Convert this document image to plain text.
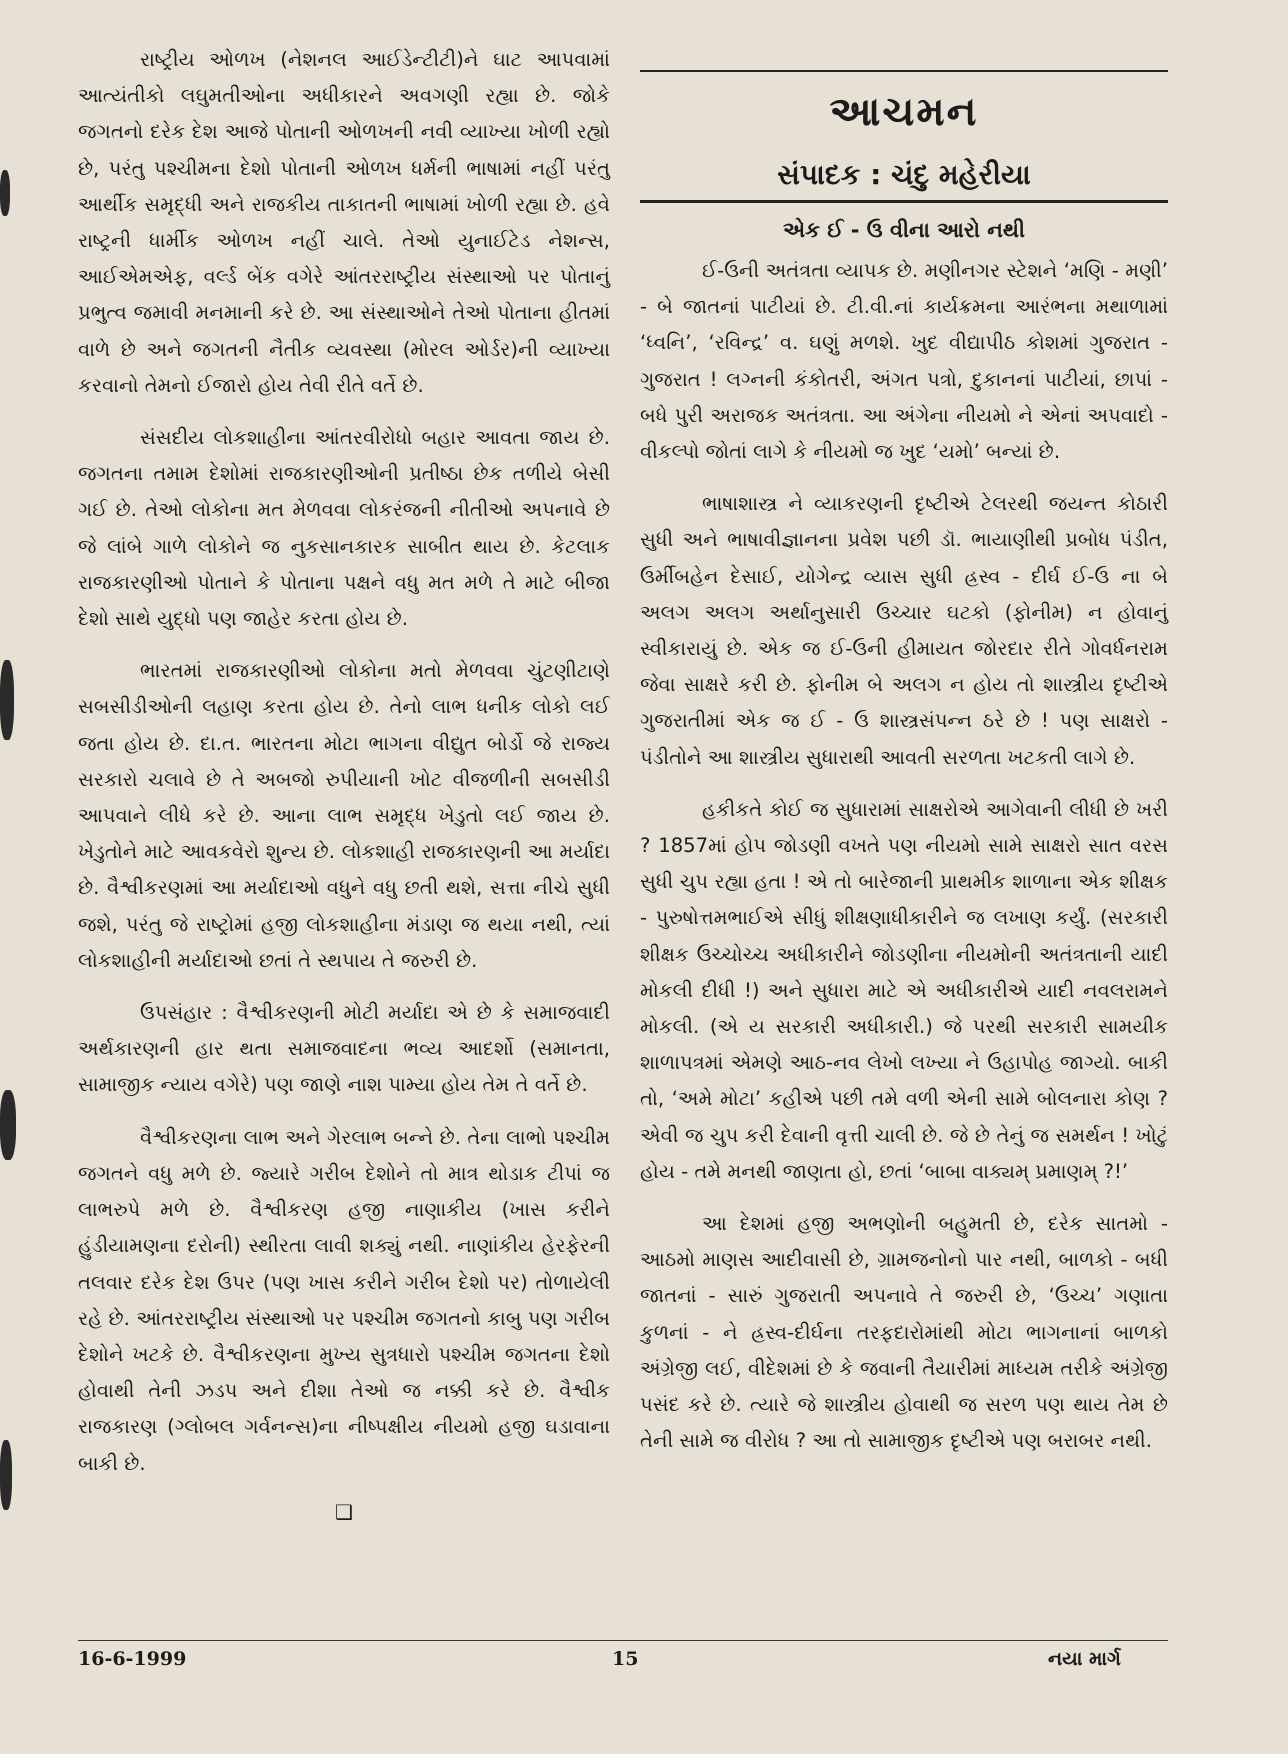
રાષ્ટ્રીય ઓળખ (નેશનલ આઈડેન્ટીટી)ને ઘાટ આપવામાં આત્યંતીકો લઘુમતીઓના અધીકારને અવગણી રહ્યા છે. જોકે જગતનો દરેક દેશ આજે પોતાની ઓળખની નવી વ્યાખ્યા ખોળી રહ્યો છે, પરંતુ પશ્ચીમના દેશો પોતાની ઓળખ ધર્મની ભાષામાં નહીં પરંતુ આર્થીક સમૃદ્ધી અને રાજકીય તાકાતની ભાષામાં ખોળી રહ્યા છે. હવે રાષ્ટ્રની ધાર્મીક ઓળખ નહીં ચાલે. તેઓ યુનાઈટેડ નેશન્સ, આઈએમએફ, વર્લ્ડ બેંક વગેરે આંતરરાષ્ટ્રીય સંસ્થાઓ પર પોતાનું પ્રભુત્વ જમાવી મનમાની કરે છે. આ સંસ્થાઓને તેઓ પોતાના હીતમાં વાળે છે અને જગતની નૈતીક વ્યવસ્થા (મોરલ ઓર્ડર)ની વ્યાખ્યા કરવાનો તેમનો ઈજારો હોય તેવી રીતે વર્તે છે.

સંસદીય લોકશાહીના આંતરવીરોધો બહાર આવતા જાય છે. જગતના તમામ દેશોમાં રાજકારણીઓની પ્રતીષ્ઠા છેક તળીયે બેસી ગઈ છે. તેઓ લોકોના મત મેળવવા લોકરંજની નીતીઓ અપનાવે છે જે લાંબે ગાળે લોકોને જ નુકસાનકારક સાબીત થાય છે. કેટલાક રાજકારણીઓ પોતાને કે પોતાના પક્ષને વધુ મત મળે તે માટે બીજા દેશો સાથે યુદ્ધો પણ જાહેર કરતા હોય છે.

ભારતમાં રાજકારણીઓ લોકોના મતો મેળવવા ચુંટણીટાણે સબસીડીઓની લહાણ કરતા હોય છે. તેનો લાભ ધનીક લોકો લઈ જતા હોય છે. દા.ત. ભારતના મોટા ભાગના વીદ્યુત બોર્ડો જે રાજ્ય સરકારો ચલાવે છે તે અબજો રુપીયાની ખોટ વીજળીની સબસીડી આપવાને લીધે કરે છે. આના લાભ સમૃદ્ધ ખેડુતો લઈ જાય છે. ખેડુતોને માટે આવકવેરો શુન્ય છે. લોકશાહી રાજકારણની આ મર્યાદા છે. વૈશ્વીકરણમાં આ મર્યાદાઓ વધુને વધુ છતી થશે, સત્તા નીચે સુધી જશે, પરંતુ જે રાષ્ટ્રોમાં હજી લોકશાહીના મંડાણ જ થયા નથી, ત્યાં લોકશાહીની મર્યાદાઓ છતાં તે સ્થપાય તે જરુરી છે.

ઉપસંહાર : વૈશ્વીકરણની મોટી મર્યાદા એ છે કે સમાજવાદી અર્થકારણની હાર થતા સમાજવાદના ભવ્ય આદર્શો (સમાનતા, સામાજીક ન્યાય વગેરે) પણ જાણે નાશ પામ્યા હોય તેમ તે વર્તે છે.

વૈશ્વીકરણના લાભ અને ગેરલાભ બન્ને છે. તેના લાભો પશ્ચીમ જગતને વધુ મળે છે. જ્યારે ગરીબ દેશોને તો માત્ર થોડાક ટીપાં જ લાભરુપે મળે છે. વૈશ્વીકરણ હજી નાણાકીય (ખાસ કરીને હુંડીયામણના દરોની) સ્થીરતા લાવી શક્યું નથી. નાણાંકીય હેરફેરની તલવાર દરેક દેશ ઉપર (પણ ખાસ કરીને ગરીબ દેશો પર) તોળાયેલી રહે છે. આંતરરાષ્ટ્રીય સંસ્થાઓ પર પશ્ચીમ જગતનો કાબુ પણ ગરીબ દેશોને ખટકે છે. વૈશ્વીકરણના મુખ્ય સુત્રધારો પશ્ચીમ જગતના દેશો હોવાથી તેની ઝડપ અને દીશા તેઓ જ નક્કી કરે છે. વૈશ્વીક રાજકારણ (ગ્લોબલ ગર્વનન્સ)ના નીષ્પક્ષીય નીયમો હજી ઘડાવાના બાકી છે.

❑
આચમન
સંપાદક : ચંદુ મહેરીયા
એક ઈ - ઉ વીના આરો નથી

ઈ-ઉની અતંત્રતા વ્યાપક છે. મણીનગર સ્ટેશને ‘મણિ - મણી’ - બે જાતનાં પાટીયાં છે. ટી.વી.નાં કાર્યક્રમના આરંભના મથાળામાં ‘ધ્વનિ’, ‘રવિન્દ્ર’ વ. ઘણું મળશે. ખુદ વીદ્યાપીઠ કોશમાં ગુજરાત - ગુજરાત ! લગ્નની કંકોતરી, અંગત પત્રો, દુકાનનાં પાટીયાં, છાપાં - બધે પુરી અરાજક અતંત્રતા. આ અંગેના નીયમો ને એનાં અપવાદો - વીકલ્પો જોતાં લાગે કે નીયમો જ ખુદ ‘યમો’ બન્યાં છે.

ભાષાશાસ્ત્ર ને વ્યાકરણની દૃષ્ટીએ ટેલરથી જયન્ત કોઠારી સુધી અને ભાષાવીજ્ઞાનના પ્રવેશ પછી ડૉ. ભાયાણીથી પ્રબોધ પંડીત, ઉર્મીબહેન દેસાઈ, યોગેન્દ્ર વ્યાસ સુધી હ્રસ્વ - દીર્ઘ ઈ-ઉ ના બે અલગ અલગ અર્થાનુસારી ઉચ્ચાર ઘટકો (ફોનીમ) ન હોવાનું સ્વીકારાયું છે. એક જ ઈ-ઉની હીમાયત જોરદાર રીતે ગોવર્ધનરામ જેવા સાક્ષરે કરી છે. ફોનીમ બે અલગ ન હોય તો શાસ્ત્રીય દૃષ્ટીએ ગુજરાતીમાં એક જ ઈ - ઉ શાસ્ત્રસંપન્ન ઠરે છે ! પણ સાક્ષરો - પંડીતોને આ શાસ્ત્રીય સુધારાથી આવતી સરળતા ખટકતી લાગે છે.

હકીકતે કોઈ જ સુધારામાં સાક્ષરોએ આગેવાની લીધી છે ખરી ? 1857માં હોપ જોડણી વખતે પણ નીયમો સામે સાક્ષરો સાત વરસ સુધી ચુપ રહ્યા હતા ! એ તો બારેજાની પ્રાથમીક શાળાના એક શીક્ષક - પુરુષોત્તમભાઈએ સીધું શીક્ષણાધીકારીને જ લખાણ કર્યું. (સરકારી શીક્ષક ઉચ્ચોચ્ચ અધીકારીને જોડણીના નીયમોની અતંત્રતાની યાદી મોકલી દીધી !) અને સુધારા માટે એ અધીકારીએ યાદી નવલરામને મોકલી. (એ ય સરકારી અધીકારી.) જે પરથી સરકારી સામયીક શાળાપત્રમાં એમણે આઠ-નવ લેખો લખ્યા ને ઉહાપોહ જાગ્યો. બાકી તો, ‘અમે મોટા’ કહીએ પછી તમે વળી એની સામે બોલનારા કોણ ? એવી જ ચુપ કરી દેવાની વૃત્તી ચાલી છે. જે છે તેનું જ સમર્થન ! ખોટું હોય - તમે મનથી જાણતા હો, છતાં ‘બાબા વાક્યમ્ પ્રમાણમ્ ?!’

આ દેશમાં હજી અભણોની બહુમતી છે, દરેક સાતમો - આઠમો માણસ આદીવાસી છે, ગ્રામજનોનો પાર નથી, બાળકો - બધી જાતનાં - સારું ગુજરાતી અપનાવે તે જરુરી છે, ‘ઉચ્ચ’ ગણાતા કુળનાં - ને હ્રસ્વ-દીર્ઘના તરફદારોમાંથી મોટા ભાગનાનાં બાળકો અંગ્રેજી લઈ, વીદેશમાં છે કે જવાની તૈયારીમાં માધ્યમ તરીકે અંગ્રેજી પસંદ કરે છે. ત્યારે જે શાસ્ત્રીય હોવાથી જ સરળ પણ થાય તેમ છે તેની સામે જ વીરોધ ? આ તો સામાજીક દૃષ્ટીએ પણ બરાબર નથી.

16-6-1999	15	નયા માર્ગ
